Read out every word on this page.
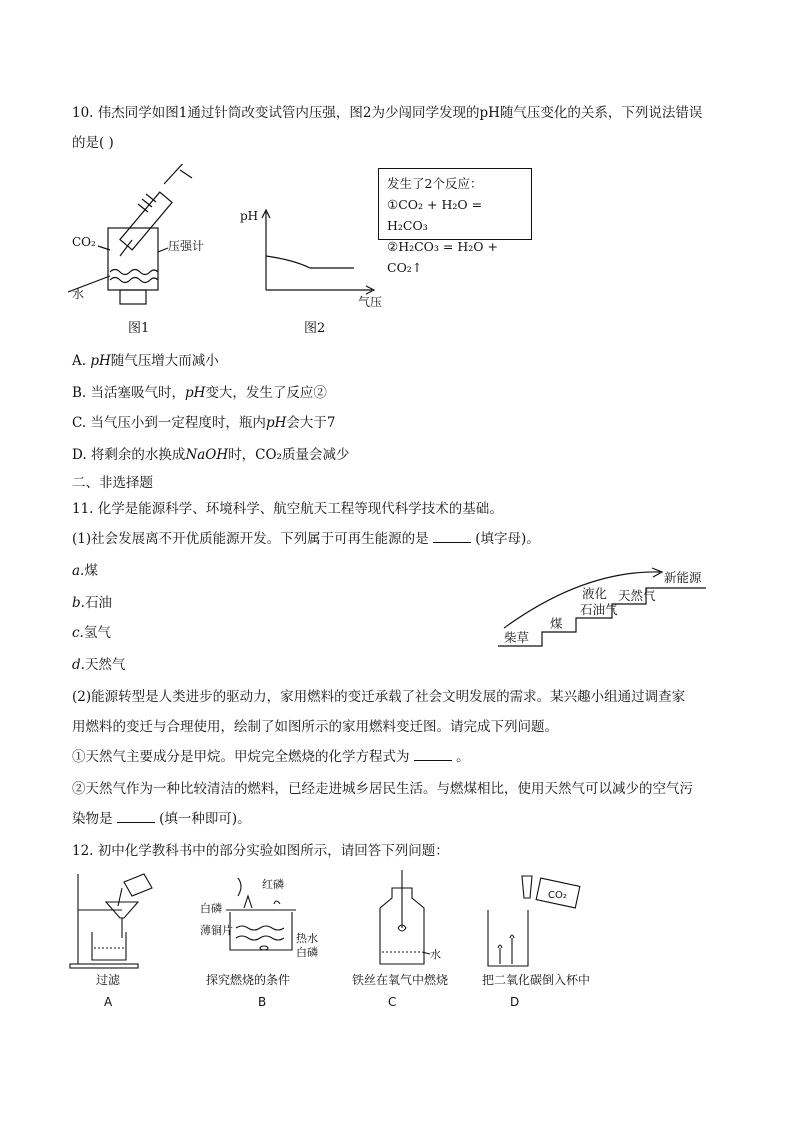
10. 伟杰同学如图1通过针筒改变试管内压强，图2为少闯同学发现的pH随气压变化的关系，下列说法错误
的是( )
CO₂	压强计
水
图1
pH
气压
图2
发生了2个反应：
①CO₂ + H₂O = H₂CO₃
②H₂CO₃ = H₂O + CO₂↑
A. pH随气压增大而减小
B. 当活塞吸气时，pH变大，发生了反应②
C. 当气压小到一定程度时，瓶内pH会大于7
D. 将剩余的水换成NaOH时，CO₂质量会减少
二、非选择题
11. 化学是能源科学、环境科学、航空航天工程等现代科学技术的基础。
(1)社会发展离不开优质能源开发。下列属于可再生能源的是	(填字母)。
a.煤
b.石油
c.氢气
d.天然气
柴草
煤
液化
石油气
天然气
新能源
(2)能源转型是人类进步的驱动力，家用燃料的变迁承载了社会文明发展的需求。某兴趣小组通过调查家
用燃料的变迁与合理使用，绘制了如图所示的家用燃料变迁图。请完成下列问题。
①天然气主要成分是甲烷。甲烷完全燃烧的化学方程式为	。
②天然气作为一种比较清洁的燃料，已经走进城乡居民生活。与燃煤相比，使用天然气可以减少的空气污
染物是	(填一种即可)。
12. 初中化学教科书中的部分实验如图所示，请回答下列问题：
过滤
A
红磷
白磷
薄铜片
热水
白磷
探究燃烧的条件
B
水
铁丝在氧气中燃烧
C
CO₂
把二氧化碳倒入杯中
D
